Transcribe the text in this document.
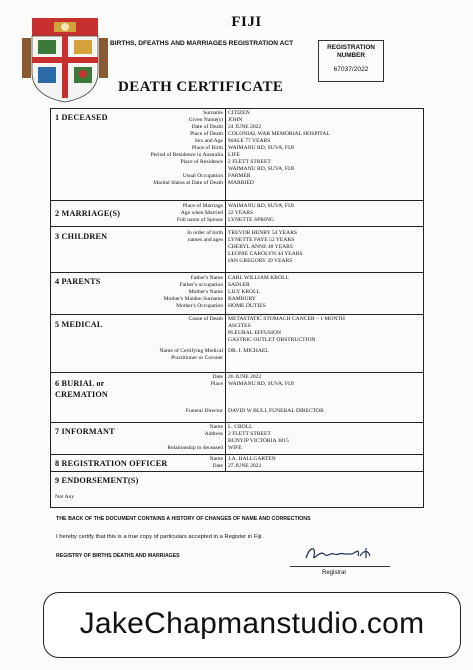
FIJI
BIRTHS, DFEATHS AND MARRIAGES REGISTRATION ACT
REGISTRATION
NUMBER
67037/2022
DEATH CERTIFICATE
1 DECEASED	Surname CITIZEN
Given Name(s) JOHN
Date of Death 24 JUNE 2022
Place of Death COLONIAL WAR MEMORIAL HOSPITAL
Sex and Age MALE 77 YEARS
Place of Birth WAIMANU RD, SUVA, FIJI
Period of Residence in Australia LIFE
Place of Residence 2 FLETT STREET
WAIMANU RD, SUVA, FIJI
Usual Occupation FARMER
Marital Status at Date of Death MARRIED
2 MARRIAGE(S)
Place of Marriage WAIMANU RD, SUVA, FIJI
Age when Married 22 YEARS
Full name of Spouse LYNETTE SPRING
3 CHILDREN	In order of birth TREVOR HENRY 54 YEARS
names and ages LYNETTE FAYE 52 YEARS
CHERYL ANNE 48 YEARS
LEONIE CAROLYN 44 YEARS
IAN GREGORY 39 YEARS
4 PARENTS	Father's Name CARL WILLIAM KROLL
Father's occupation SADLER
Mother's Name LILY KROLL
Mother's Maiden Surname BAMBURY
Mother's Occupation HOME DUTIES
5 MEDICAL
Cause of Death METASTATIC STOMACH CANCER – 1 MONTH
ASCITES
PLEURAL EFFUSION
GASTRIC OUTLET OBSTRUCTION
Name of Certifying Medical DR. I. MICHAEL
Practitioner or Coroner
6 BURIAL or
CREMATION
Date 26 JUNE 2022
Place WAIMANU RD, SUVA, FIJI
Funeral Director DAVID W BULL FUNERAL DIRECTOR
7 INFORMANT	Name L. CROLL
Address 2 FLETT STREET
BUNYIP VICTORIA 3815
Relationship to deceased WIFE
8 REGISTRATION OFFICER	Name J.A. HALLGARTEN
Date 27 JUNE 2022
9 ENDORSEMENT(S)
Not Any
THE BACK OF THE DOCUMENT CONTAINS A HISTORY OF CHANGES OF NAME AND CORRECTIONS
I hereby certify that this is a true copy of particulars accepted in a Register in Fiji.
REGISTRY OF BIRTHS DEATHS AND MARRIAGES
JBmth
Registrar
JakeChapmanstudio.com
